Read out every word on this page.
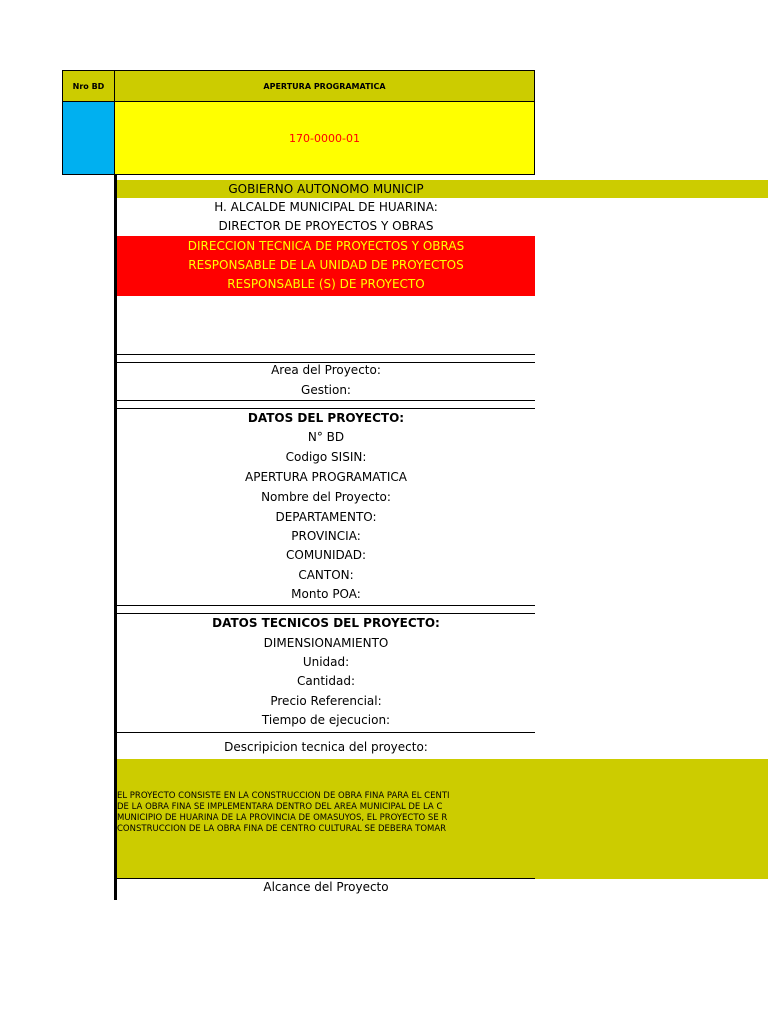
Nro BD	APERTURA PROGRAMATICA
170-0000-01
GOBIERNO AUTONOMO MUNICIP
H. ALCALDE MUNICIPAL DE HUARINA:
DIRECTOR DE PROYECTOS Y OBRAS
DIRECCION TECNICA DE PROYECTOS Y OBRAS
RESPONSABLE DE LA UNIDAD DE PROYECTOS
RESPONSABLE (S) DE PROYECTO
Area del Proyecto:
Gestion:
DATOS DEL PROYECTO:
N° BD
Codigo SISIN:
APERTURA PROGRAMATICA
Nombre del Proyecto:
DEPARTAMENTO:
PROVINCIA:
COMUNIDAD:
CANTON:
Monto POA:
DATOS TECNICOS DEL PROYECTO:
DIMENSIONAMIENTO
Unidad:
Cantidad:
Precio Referencial:
Tiempo de ejecucion:
Descripicion tecnica del proyecto:
EL PROYECTO CONSISTE EN LA CONSTRUCCION DE OBRA FINA PARA EL CENTI
DE LA OBRA FINA SE IMPLEMENTARA DENTRO DEL AREA MUNICIPAL DE LA C
MUNICIPIO DE HUARINA DE LA PROVINCIA DE OMASUYOS, EL PROYECTO SE R
CONSTRUCCION DE LA OBRA FINA DE CENTRO CULTURAL SE DEBERA TOMAR
Alcance del Proyecto
